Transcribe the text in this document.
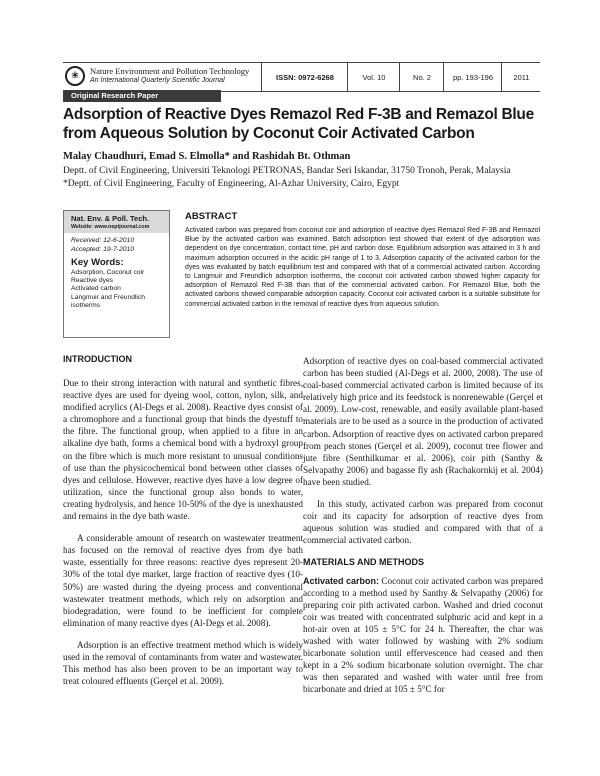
❀ Nature Environment and Pollution Technology
An International Quarterly Scientific Journal	ISSN: 0972-6268	Vol. 10	No. 2	pp. 193-196	2011
Original Research Paper
Adsorption of Reactive Dyes Remazol Red F-3B and Remazol Blue from Aqueous Solution by Coconut Coir Activated Carbon
Malay Chaudhuri, Emad S. Elmolla* and Rashidah Bt. Othman
Deptt. of Civil Engineering, Universiti Teknologi PETRONAS, Bandar Seri Iskandar, 31750 Tronoh, Perak, Malaysia
*Deptt. of Civil Engineering, Faculty of Engineering, Al-Azhar University, Cairo, Egypt
Nat. Env. & Poll. Tech.
Website: www.neptjournal.com
Received: 12-6-2010
Accepted: 19-7-2010
Key Words:
Adsorption, Coconut coir
Reactive dyes
Activated carbon
Langmuir and Freundlich
isotherms
ABSTRACT
Activated carbon was prepared from coconut coir and adsorption of reactive dyes Remazol Red F-3B and Remazol Blue by the activated carbon was examined. Batch adsorption test showed that extent of dye adsorption was dependent on dye concentration, contact time, pH and carbon dose. Equilibrium adsorption was attained in 3 h and maximum adsorption occurred in the acidic pH range of 1 to 3. Adsorption capacity of the activated carbon for the dyes was evaluated by batch equilibrium test and compared with that of a commercial activated carbon. According to Langmuir and Freundlich adsorption isotherms, the coconut coir activated carbon showed higher capacity for adsorption of Remazol Red F-3B than that of the commercial activated carbon. For Remazol Blue, both the activated carbons showed comparable adsorption capacity. Coconut coir activated carbon is a suitable substitute for commercial activated carbon in the removal of reactive dyes from aqueous solution.
INTRODUCTION

Due to their strong interaction with natural and synthetic fibres, reactive dyes are used for dyeing wool, cotton, nylon, silk, and modified acrylics (Al-Degs et al. 2008). Reactive dyes consist of a chromophore and a functional group that binds the dyestuff to the fibre. The functional group, when applied to a fibre in an alkaline dye bath, forms a chemical bond with a hydroxyl group on the fibre which is much more resistant to unusual conditions of use than the physicochemical bond between other classes of dyes and cellulose. However, reactive dyes have a low degree of utilization, since the functional group also bonds to water, creating hydrolysis, and hence 10-50% of the dye is unexhausted and remains in the dye bath waste.

A considerable amount of research on wastewater treatment has focused on the removal of reactive dyes from dye bath waste, essentially for three reasons: reactive dyes represent 20-30% of the total dye market, large fraction of reactive dyes (10-50%) are wasted during the dyeing process and conventional wastewater treatment methods, which rely on adsorption and biodegradation, were found to be inefficient for complete elimination of many reactive dyes (Al-Degs et al. 2008).

Adsorption is an effective treatment method which is widely used in the removal of contaminants from water and wastewater. This method has also been proven to be an important way to treat coloured effluents (Gerçel et al. 2009).

Adsorption of reactive dyes on coal-based commercial activated carbon has been studied (Al-Degs et al. 2000, 2008). The use of coal-based commercial activated carbon is limited because of its relatively high price and its feedstock is nonrenewable (Gerçel et al. 2009). Low-cost, renewable, and easily available plant-based materials are to be used as a source in the production of activated carbon. Adsorption of reactive dyes on activated carbon prepared from peach stones (Gerçel et al. 2009), coconut tree flower and jute fibre (Senthilkumar et al. 2006), coir pith (Santhy & Selvapathy 2006) and bagasse fly ash (Rachakornkij et al. 2004) have been studied.

In this study, activated carbon was prepared from coconut coir and its capacity for adsorption of reactive dyes from aqueous solution was studied and compared with that of a commercial activated carbon.

MATERIALS AND METHODS

Activated carbon: Coconut coir activated carbon was prepared according to a method used by Santhy & Selvapathy (2006) for preparing coir pith activated carbon. Washed and dried coconut coir was treated with concentrated sulphuric acid and kept in a hot-air oven at 105 ± 5°C for 24 h. Thereafter, the char was washed with water followed by washing with 2% sodium bicarbonate solution until effervescence had ceased and then kept in a 2% sodium bicarbonate solution overnight. The char was then separated and washed with water until free from bicarbonate and dried at 105 ± 5°C for
